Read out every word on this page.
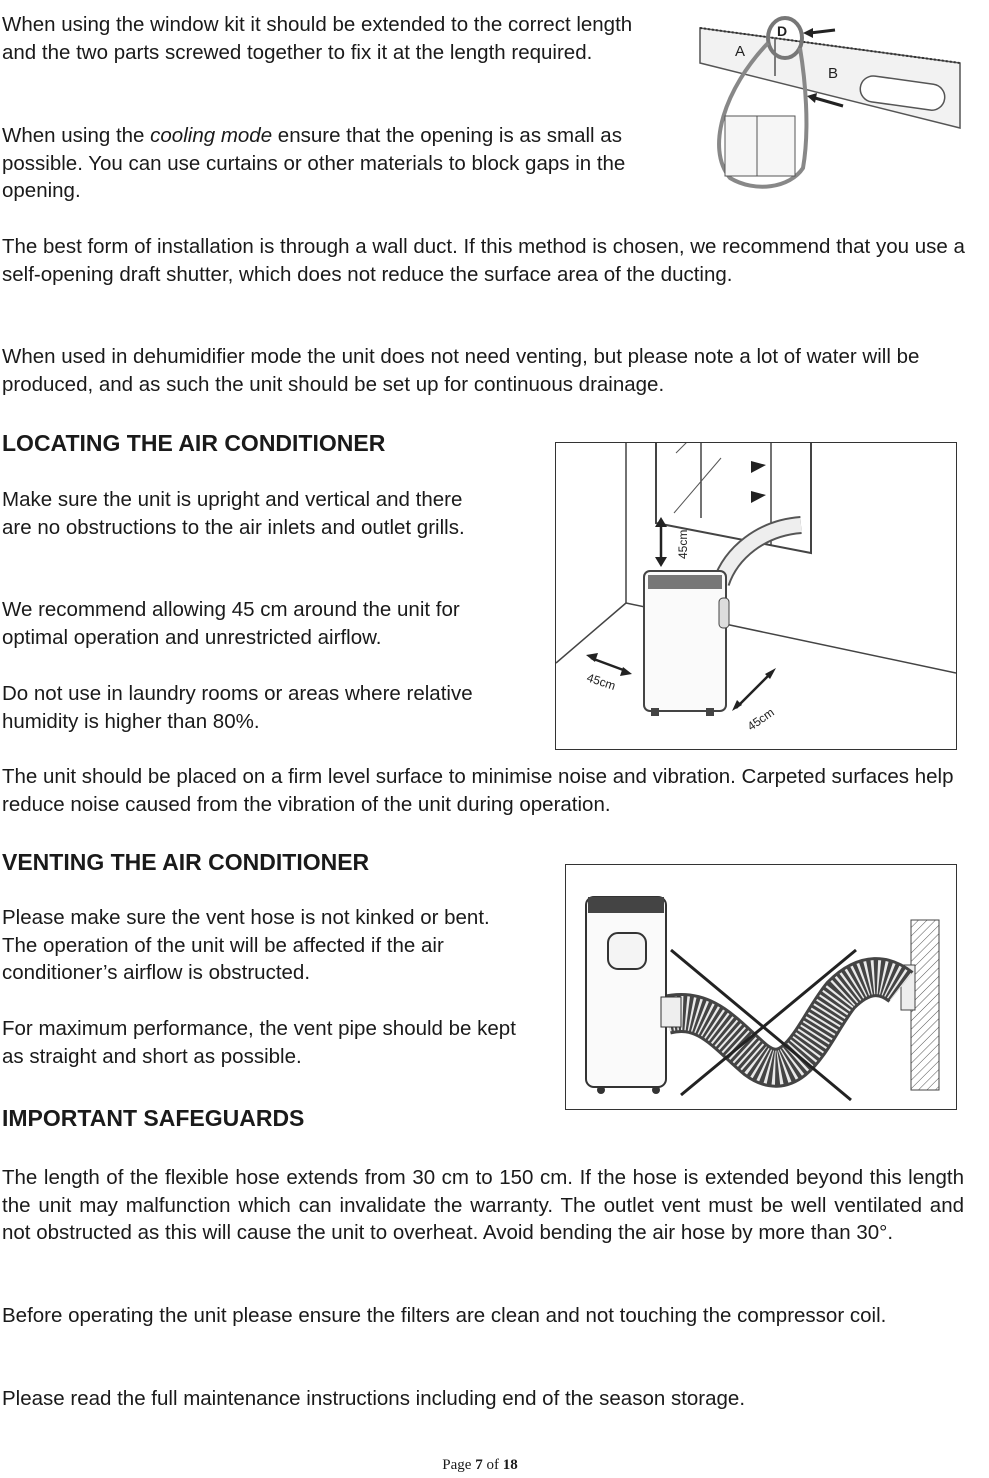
When using the window kit it should be extended to the correct length and the two parts screwed together to fix it at the length required.

When using the cooling mode ensure that the opening is as small as possible. You can use curtains or other materials to block gaps in the opening.

The best form of installation is through a wall duct. If this method is chosen, we recommend that you use a self-opening draft shutter, which does not reduce the surface area of the ducting.

When used in dehumidifier mode the unit does not need venting, but please note a lot of water will be produced, and as such the unit should be set up for continuous drainage.

A
B
D
LOCATING THE AIR CONDITIONER

Make sure the unit is upright and vertical and there are no obstructions to the air inlets and outlet grills.

We recommend allowing 45 cm around the unit for optimal operation and unrestricted airflow.

Do not use in laundry rooms or areas where relative humidity is higher than 80%.

45cm
45cm
45cm

The unit should be placed on a firm level surface to minimise noise and vibration. Carpeted surfaces help reduce noise caused from the vibration of the unit during operation.

VENTING THE AIR CONDITIONER

Please make sure the vent hose is not kinked or bent. The operation of the unit will be affected if the air conditioner’s airflow is obstructed.

For maximum performance, the vent pipe should be kept as straight and short as possible.

IMPORTANT SAFEGUARDS

The length of the flexible hose extends from 30 cm to 150 cm. If the hose is extended beyond this length the unit may malfunction which can invalidate the warranty. The outlet vent must be well ventilated and not obstructed as this will cause the unit to overheat. Avoid bending the air hose by more than 30°.

Before operating the unit please ensure the filters are clean and not touching the compressor coil.

Please read the full maintenance instructions including end of the season storage.

Page 7 of 18
